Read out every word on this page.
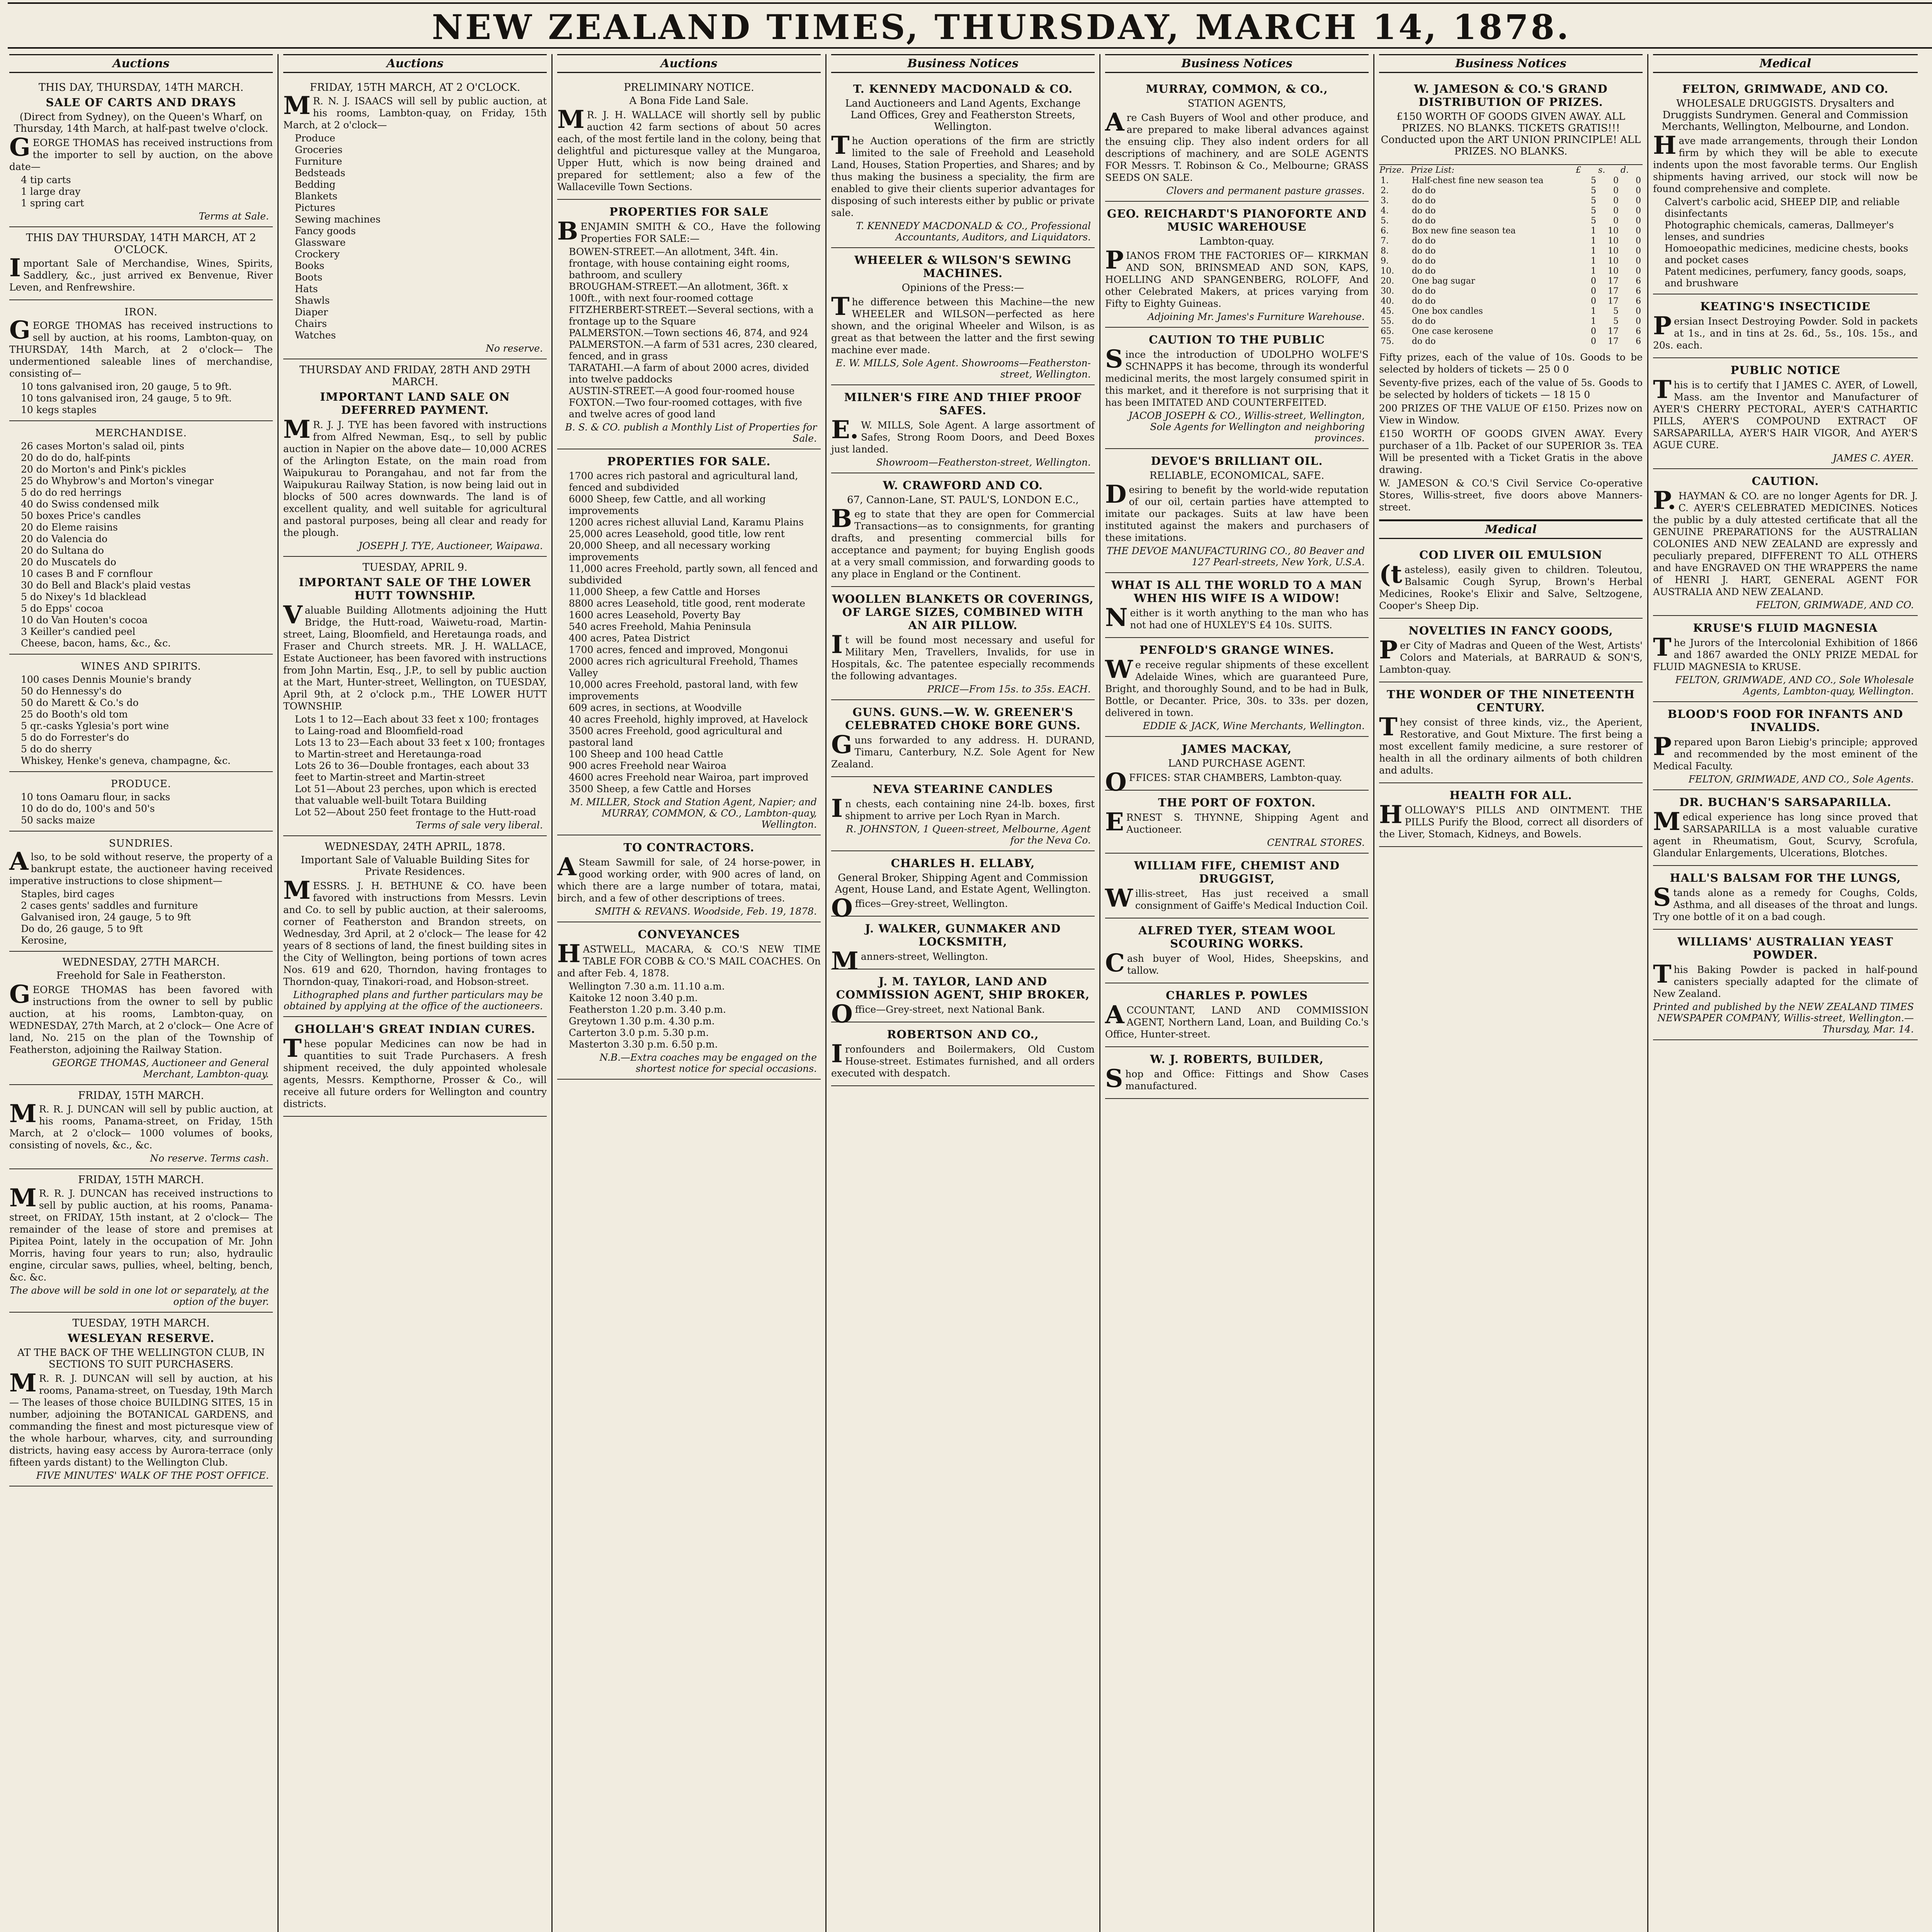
NEW ZEALAND TIMES, THURSDAY, MARCH 14, 1878.
Auctions
THIS DAY, THURSDAY, 14TH MARCH.
SALE OF CARTS AND DRAYS
(Direct from Sydney), on the Queen's Wharf, on Thursday, 14th March, at half-past twelve o'clock.
GEORGE THOMAS has received instructions from the importer to sell by auction, on the above date—
4 tip carts
1 large dray
1 spring cart
Terms at Sale.
THIS DAY THURSDAY, 14TH MARCH, AT 2 O'CLOCK.
Important Sale of Merchandise, Wines, Spirits, Saddlery, &c., just arrived ex Benvenue, River Leven, and Renfrewshire.
IRON.
GEORGE THOMAS has received instructions to sell by auction, at his rooms, Lambton-quay, on THURSDAY, 14th March, at 2 o'clock— The undermentioned saleable lines of merchandise, consisting of—
10 tons galvanised iron, 20 gauge, 5 to 9ft.
10 tons galvanised iron, 24 gauge, 5 to 9ft.
10 kegs staples
MERCHANDISE.
26 cases Morton's salad oil, pints
20 do do do, half-pints
20 do Morton's and Pink's pickles
25 do Whybrow's and Morton's vinegar
5 do do red herrings
40 do Swiss condensed milk
50 boxes Price's candles
20 do Eleme raisins
20 do Valencia do
20 do Sultana do
20 do Muscatels do
10 cases B and F cornflour
30 do Bell and Black's plaid vestas
5 do Nixey's 1d blacklead
5 do Epps' cocoa
10 do Van Houten's cocoa
3 Keiller's candied peel
Cheese, bacon, hams, &c., &c.
WINES AND SPIRITS.
100 cases Dennis Mounie's brandy
50 do Hennessy's do
50 do Marett & Co.'s do
25 do Booth's old tom
5 qr.-casks Yglesia's port wine
5 do do Forrester's do
5 do do sherry
Whiskey, Henke's geneva, champagne, &c.
PRODUCE.
10 tons Oamaru flour, in sacks
10 do do do, 100's and 50's
50 sacks maize
SUNDRIES.
Also, to be sold without reserve, the property of a bankrupt estate, the auctioneer having received imperative instructions to close shipment—
Staples, bird cages
2 cases gents' saddles and furniture
Galvanised iron, 24 gauge, 5 to 9ft
Do do, 26 gauge, 5 to 9ft
Kerosine,
WEDNESDAY, 27TH MARCH.
Freehold for Sale in Featherston.
GEORGE THOMAS has been favored with instructions from the owner to sell by public auction, at his rooms, Lambton-quay, on WEDNESDAY, 27th March, at 2 o'clock— One Acre of land, No. 215 on the plan of the Township of Featherston, adjoining the Railway Station.
GEORGE THOMAS, Auctioneer and General Merchant, Lambton-quay.
FRIDAY, 15TH MARCH.
MR. R. J. DUNCAN will sell by public auction, at his rooms, Panama-street, on Friday, 15th March, at 2 o'clock— 1000 volumes of books, consisting of novels, &c., &c.
No reserve. Terms cash.
FRIDAY, 15TH MARCH.
MR. R. J. DUNCAN has received instructions to sell by public auction, at his rooms, Panama-street, on FRIDAY, 15th instant, at 2 o'clock— The remainder of the lease of store and premises at Pipitea Point, lately in the occupation of Mr. John Morris, having four years to run; also, hydraulic engine, circular saws, pullies, wheel, belting, bench, &c. &c.
The above will be sold in one lot or separately, at the option of the buyer.
TUESDAY, 19TH MARCH.
WESLEYAN RESERVE.
AT THE BACK OF THE WELLINGTON CLUB, IN SECTIONS TO SUIT PURCHASERS.
MR. R. J. DUNCAN will sell by auction, at his rooms, Panama-street, on Tuesday, 19th March— The leases of those choice BUILDING SITES, 15 in number, adjoining the BOTANICAL GARDENS, and commanding the finest and most picturesque view of the whole harbour, wharves, city, and surrounding districts, having easy access by Aurora-terrace (only fifteen yards distant) to the Wellington Club.
FIVE MINUTES' WALK OF THE POST OFFICE.
Auctions
FRIDAY, 15TH MARCH, AT 2 O'CLOCK.
MR. N. J. ISAACS will sell by public auction, at his rooms, Lambton-quay, on Friday, 15th March, at 2 o'clock—
Produce
Groceries
Furniture
Bedsteads
Bedding
Blankets
Pictures
Sewing machines
Fancy goods
Glassware
Crockery
Books
Boots
Hats
Shawls
Diaper
Chairs
Watches
No reserve.
THURSDAY AND FRIDAY, 28TH AND 29TH MARCH.
IMPORTANT LAND SALE ON DEFERRED PAYMENT.
MR. J. J. TYE has been favored with instructions from Alfred Newman, Esq., to sell by public auction in Napier on the above date— 10,000 ACRES of the Arlington Estate, on the main road from Waipukurau to Porangahau, and not far from the Waipukurau Railway Station, is now being laid out in blocks of 500 acres downwards. The land is of excellent quality, and well suitable for agricultural and pastoral purposes, being all clear and ready for the plough.
JOSEPH J. TYE, Auctioneer, Waipawa.
TUESDAY, APRIL 9.
IMPORTANT SALE OF THE LOWER HUTT TOWNSHIP.
Valuable Building Allotments adjoining the Hutt Bridge, the Hutt-road, Waiwetu-road, Martin-street, Laing, Bloomfield, and Heretaunga roads, and Fraser and Church streets. MR. J. H. WALLACE, Estate Auctioneer, has been favored with instructions from John Martin, Esq., J.P., to sell by public auction at the Mart, Hunter-street, Wellington, on TUESDAY, April 9th, at 2 o'clock p.m., THE LOWER HUTT TOWNSHIP.
Lots 1 to 12—Each about 33 feet x 100; frontages to Laing-road and Bloomfield-road
Lots 13 to 23—Each about 33 feet x 100; frontages to Martin-street and Heretaunga-road
Lots 26 to 36—Double frontages, each about 33 feet to Martin-street and Martin-street
Lot 51—About 23 perches, upon which is erected that valuable well-built Totara Building
Lot 52—About 250 feet frontage to the Hutt-road
Terms of sale very liberal.
WEDNESDAY, 24TH APRIL, 1878.
Important Sale of Valuable Building Sites for Private Residences.
MESSRS. J. H. BETHUNE & CO. have been favored with instructions from Messrs. Levin and Co. to sell by public auction, at their salerooms, corner of Featherston and Brandon streets, on Wednesday, 3rd April, at 2 o'clock— The lease for 42 years of 8 sections of land, the finest building sites in the City of Wellington, being portions of town acres Nos. 619 and 620, Thorndon, having frontages to Thorndon-quay, Tinakori-road, and Hobson-street.
Lithographed plans and further particulars may be obtained by applying at the office of the auctioneers.
GHOLLAH'S GREAT INDIAN CURES.
These popular Medicines can now be had in quantities to suit Trade Purchasers. A fresh shipment received, the duly appointed wholesale agents, Messrs. Kempthorne, Prosser & Co., will receive all future orders for Wellington and country districts.
Auctions
PRELIMINARY NOTICE.
A Bona Fide Land Sale.
MR. J. H. WALLACE will shortly sell by public auction 42 farm sections of about 50 acres each, of the most fertile land in the colony, being that delightful and picturesque valley at the Mungaroa, Upper Hutt, which is now being drained and prepared for settlement; also a few of the Wallaceville Town Sections.
PROPERTIES FOR SALE
BENJAMIN SMITH & CO., Have the following Properties FOR SALE:—
BOWEN-STREET.—An allotment, 34ft. 4in. frontage, with house containing eight rooms, bathroom, and scullery
BROUGHAM-STREET.—An allotment, 36ft. x 100ft., with next four-roomed cottage
FITZHERBERT-STREET.—Several sections, with a frontage up to the Square
PALMERSTON.—Town sections 46, 874, and 924
PALMERSTON.—A farm of 531 acres, 230 cleared, fenced, and in grass
TARATAHI.—A farm of about 2000 acres, divided into twelve paddocks
AUSTIN-STREET.—A good four-roomed house
FOXTON.—Two four-roomed cottages, with five and twelve acres of good land
B. S. & CO. publish a Monthly List of Properties for Sale.
PROPERTIES FOR SALE.
1700 acres rich pastoral and agricultural land, fenced and subdivided
6000 Sheep, few Cattle, and all working improvements
1200 acres richest alluvial Land, Karamu Plains
25,000 acres Leasehold, good title, low rent
20,000 Sheep, and all necessary working improvements
11,000 acres Freehold, partly sown, all fenced and subdivided
11,000 Sheep, a few Cattle and Horses
8800 acres Leasehold, title good, rent moderate
1600 acres Leasehold, Poverty Bay
540 acres Freehold, Mahia Peninsula
400 acres, Patea District
1700 acres, fenced and improved, Mongonui
2000 acres rich agricultural Freehold, Thames Valley
10,000 acres Freehold, pastoral land, with few improvements
609 acres, in sections, at Woodville
40 acres Freehold, highly improved, at Havelock
3500 acres Freehold, good agricultural and pastoral land
100 Sheep and 100 head Cattle
900 acres Freehold near Wairoa
4600 acres Freehold near Wairoa, part improved
3500 Sheep, a few Cattle and Horses
M. MILLER, Stock and Station Agent, Napier; and MURRAY, COMMON, & CO., Lambton-quay, Wellington.
TO CONTRACTORS.
ASteam Sawmill for sale, of 24 horse-power, in good working order, with 900 acres of land, on which there are a large number of totara, matai, birch, and a few of other descriptions of trees.
SMITH & REVANS. Woodside, Feb. 19, 1878.
CONVEYANCES
HASTWELL, MACARA, & CO.'S NEW TIME TABLE FOR COBB & CO.'S MAIL COACHES. On and after Feb. 4, 1878.
Wellington 7.30 a.m. 11.10 a.m.
Kaitoke 12 noon 3.40 p.m.
Featherston 1.20 p.m. 3.40 p.m.
Greytown 1.30 p.m. 4.30 p.m.
Carterton 3.0 p.m. 5.30 p.m.
Masterton 3.30 p.m. 6.50 p.m.
N.B.—Extra coaches may be engaged on the shortest notice for special occasions.
Business Notices
T. KENNEDY MACDONALD & CO.
Land Auctioneers and Land Agents, Exchange Land Offices, Grey and Featherston Streets, Wellington.
The Auction operations of the firm are strictly limited to the sale of Freehold and Leasehold Land, Houses, Station Properties, and Shares; and by thus making the business a speciality, the firm are enabled to give their clients superior advantages for disposing of such interests either by public or private sale.
T. KENNEDY MACDONALD & CO., Professional Accountants, Auditors, and Liquidators.
WHEELER & WILSON'S SEWING MACHINES.
Opinions of the Press:—
The difference between this Machine—the new WHEELER and WILSON—perfected as here shown, and the original Wheeler and Wilson, is as great as that between the latter and the first sewing machine ever made.
E. W. MILLS, Sole Agent. Showrooms—Featherston-street, Wellington.
MILNER'S FIRE AND THIEF PROOF SAFES.
E.W. MILLS, Sole Agent. A large assortment of Safes, Strong Room Doors, and Deed Boxes just landed.
Showroom—Featherston-street, Wellington.
W. CRAWFORD AND CO.
67, Cannon-Lane, ST. PAUL'S, LONDON E.C.,
Beg to state that they are open for Commercial Transactions—as to consignments, for granting drafts, and presenting commercial bills for acceptance and payment; for buying English goods at a very small commission, and forwarding goods to any place in England or the Continent.
WOOLLEN BLANKETS OR COVERINGS, OF LARGE SIZES, COMBINED WITH AN AIR PILLOW.
It will be found most necessary and useful for Military Men, Travellers, Invalids, for use in Hospitals, &c. The patentee especially recommends the following advantages.
PRICE—From 15s. to 35s. EACH.
GUNS. GUNS.—W. W. GREENER'S CELEBRATED CHOKE BORE GUNS.
Guns forwarded to any address. H. DURAND, Timaru, Canterbury, N.Z. Sole Agent for New Zealand.
NEVA STEARINE CANDLES
In chests, each containing nine 24-lb. boxes, first shipment to arrive per Loch Ryan in March.
R. JOHNSTON, 1 Queen-street, Melbourne, Agent for the Neva Co.
CHARLES H. ELLABY,
General Broker, Shipping Agent and Commission Agent, House Land, and Estate Agent, Wellington.
Offices—Grey-street, Wellington.
J. WALKER, GUNMAKER AND LOCKSMITH,
Manners-street, Wellington.
J. M. TAYLOR, LAND AND COMMISSION AGENT, SHIP BROKER,
Office—Grey-street, next National Bank.
ROBERTSON AND CO.,
Ironfounders and Boilermakers, Old Custom House-street. Estimates furnished, and all orders executed with despatch.
Business Notices
MURRAY, COMMON, & CO.,
STATION AGENTS,
Are Cash Buyers of Wool and other produce, and are prepared to make liberal advances against the ensuing clip. They also indent orders for all descriptions of machinery, and are SOLE AGENTS FOR Messrs. T. Robinson & Co., Melbourne; GRASS SEEDS ON SALE.
Clovers and permanent pasture grasses.
GEO. REICHARDT'S PIANOFORTE AND MUSIC WAREHOUSE
Lambton-quay.
PIANOS FROM THE FACTORIES OF— KIRKMAN AND SON, BRINSMEAD AND SON, KAPS, HOELLING AND SPANGENBERG, ROLOFF, And other Celebrated Makers, at prices varying from Fifty to Eighty Guineas.
Adjoining Mr. James's Furniture Warehouse.
CAUTION TO THE PUBLIC
Since the introduction of UDOLPHO WOLFE'S SCHNAPPS it has become, through its wonderful medicinal merits, the most largely consumed spirit in this market, and it therefore is not surprising that it has been IMITATED AND COUNTERFEITED.
JACOB JOSEPH & CO., Willis-street, Wellington, Sole Agents for Wellington and neighboring provinces.
DEVOE'S BRILLIANT OIL.
RELIABLE, ECONOMICAL, SAFE.
Desiring to benefit by the world-wide reputation of our oil, certain parties have attempted to imitate our packages. Suits at law have been instituted against the makers and purchasers of these imitations.
THE DEVOE MANUFACTURING CO., 80 Beaver and 127 Pearl-streets, New York, U.S.A.
WHAT IS ALL THE WORLD TO A MAN WHEN HIS WIFE IS A WIDOW!
Neither is it worth anything to the man who has not had one of HUXLEY'S £4 10s. SUITS.
PENFOLD'S GRANGE WINES.
We receive regular shipments of these excellent Adelaide Wines, which are guaranteed Pure, Bright, and thoroughly Sound, and to be had in Bulk, Bottle, or Decanter. Price, 30s. to 33s. per dozen, delivered in town.
EDDIE & JACK, Wine Merchants, Wellington.
JAMES MACKAY,
LAND PURCHASE AGENT.
OFFICES: STAR CHAMBERS, Lambton-quay.
THE PORT OF FOXTON.
ERNEST S. THYNNE, Shipping Agent and Auctioneer.
CENTRAL STORES.
WILLIAM FIFE, CHEMIST AND DRUGGIST,
Willis-street, Has just received a small consignment of Gaiffe's Medical Induction Coil.
ALFRED TYER, STEAM WOOL SCOURING WORKS.
Cash buyer of Wool, Hides, Sheepskins, and tallow.
CHARLES P. POWLES
ACCOUNTANT, LAND AND COMMISSION AGENT, Northern Land, Loan, and Building Co.'s Office, Hunter-street.
W. J. ROBERTS, BUILDER,
Shop and Office: Fittings and Show Cases manufactured.
Business Notices
W. JAMESON & CO.'S GRAND DISTRIBUTION OF PRIZES.
£150 WORTH OF GOODS GIVEN AWAY. ALL PRIZES. NO BLANKS. TICKETS GRATIS!!! Conducted upon the ART UNION PRINCIPLE! ALL PRIZES. NO BLANKS.
Prize.	Prize List:	£	s.	d.
1.	Half-chest fine new season tea	5	0	0
2.	do do	5	0	0
3.	do do	5	0	0
4.	do do	5	0	0
5.	do do	5	0	0
6.	Box new fine season tea	1	10	0
7.	do do	1	10	0
8.	do do	1	10	0
9.	do do	1	10	0
10.	do do	1	10	0
20.	One bag sugar	0	17	6
30.	do do	0	17	6
40.	do do	0	17	6
45.	One box candles	1	5	0
55.	do do	1	5	0
65.	One case kerosene	0	17	6
75.	do do	0	17	6
Fifty prizes, each of the value of 10s. Goods to be selected by holders of tickets — 25 0 0
Seventy-five prizes, each of the value of 5s. Goods to be selected by holders of tickets — 18 15 0
200 PRIZES OF THE VALUE OF £150. Prizes now on View in Window.
£150 WORTH OF GOODS GIVEN AWAY. Every purchaser of a 1lb. Packet of our SUPERIOR 3s. TEA Will be presented with a Ticket Gratis in the above drawing.
W. JAMESON & CO.'S Civil Service Co-operative Stores, Willis-street, five doors above Manners-street.
Medical
COD LIVER OIL EMULSION
(tasteless), easily given to children. Toleutou, Balsamic Cough Syrup, Brown's Herbal Medicines, Rooke's Elixir and Salve, Seltzogene, Cooper's Sheep Dip.
NOVELTIES IN FANCY GOODS,
Per City of Madras and Queen of the West, Artists' Colors and Materials, at BARRAUD & SON'S, Lambton-quay.
THE WONDER OF THE NINETEENTH CENTURY.
They consist of three kinds, viz., the Aperient, Restorative, and Gout Mixture. The first being a most excellent family medicine, a sure restorer of health in all the ordinary ailments of both children and adults.
HEALTH FOR ALL.
HOLLOWAY'S PILLS AND OINTMENT. THE PILLS Purify the Blood, correct all disorders of the Liver, Stomach, Kidneys, and Bowels.
Medical
FELTON, GRIMWADE, AND CO.
WHOLESALE DRUGGISTS. Drysalters and Druggists Sundrymen. General and Commission Merchants, Wellington, Melbourne, and London.
Have made arrangements, through their London firm by which they will be able to execute indents upon the most favorable terms. Our English shipments having arrived, our stock will now be found comprehensive and complete.
Calvert's carbolic acid, SHEEP DIP, and reliable disinfectants
Photographic chemicals, cameras, Dallmeyer's lenses, and sundries
Homoeopathic medicines, medicine chests, books and pocket cases
Patent medicines, perfumery, fancy goods, soaps, and brushware
KEATING'S INSECTICIDE
Persian Insect Destroying Powder. Sold in packets at 1s., and in tins at 2s. 6d., 5s., 10s. 15s., and 20s. each.
PUBLIC NOTICE
This is to certify that I JAMES C. AYER, of Lowell, Mass. am the Inventor and Manufacturer of AYER'S CHERRY PECTORAL, AYER'S CATHARTIC PILLS, AYER'S COMPOUND EXTRACT OF SARSAPARILLA, AYER'S HAIR VIGOR, And AYER'S AGUE CURE.
JAMES C. AYER.
CAUTION.
P.HAYMAN & CO. are no longer Agents for DR. J. C. AYER'S CELEBRATED MEDICINES. Notices the public by a duly attested certificate that all the GENUINE PREPARATIONS for the AUSTRALIAN COLONIES AND NEW ZEALAND are expressly and peculiarly prepared, DIFFERENT TO ALL OTHERS and have ENGRAVED ON THE WRAPPERS the name of HENRI J. HART, GENERAL AGENT FOR AUSTRALIA AND NEW ZEALAND.
FELTON, GRIMWADE, AND CO.
KRUSE'S FLUID MAGNESIA
The Jurors of the Intercolonial Exhibition of 1866 and 1867 awarded the ONLY PRIZE MEDAL for FLUID MAGNESIA to KRUSE.
FELTON, GRIMWADE, AND CO., Sole Wholesale Agents, Lambton-quay, Wellington.
BLOOD'S FOOD FOR INFANTS AND INVALIDS.
Prepared upon Baron Liebig's principle; approved and recommended by the most eminent of the Medical Faculty.
FELTON, GRIMWADE, AND CO., Sole Agents.
DR. BUCHAN'S SARSAPARILLA.
Medical experience has long since proved that SARSAPARILLA is a most valuable curative agent in Rheumatism, Gout, Scurvy, Scrofula, Glandular Enlargements, Ulcerations, Blotches.
HALL'S BALSAM FOR THE LUNGS,
Stands alone as a remedy for Coughs, Colds, Asthma, and all diseases of the throat and lungs. Try one bottle of it on a bad cough.
WILLIAMS' AUSTRALIAN YEAST POWDER.
This Baking Powder is packed in half-pound canisters specially adapted for the climate of New Zealand.
Printed and published by the NEW ZEALAND TIMES NEWSPAPER COMPANY, Willis-street, Wellington.—Thursday, Mar. 14.
